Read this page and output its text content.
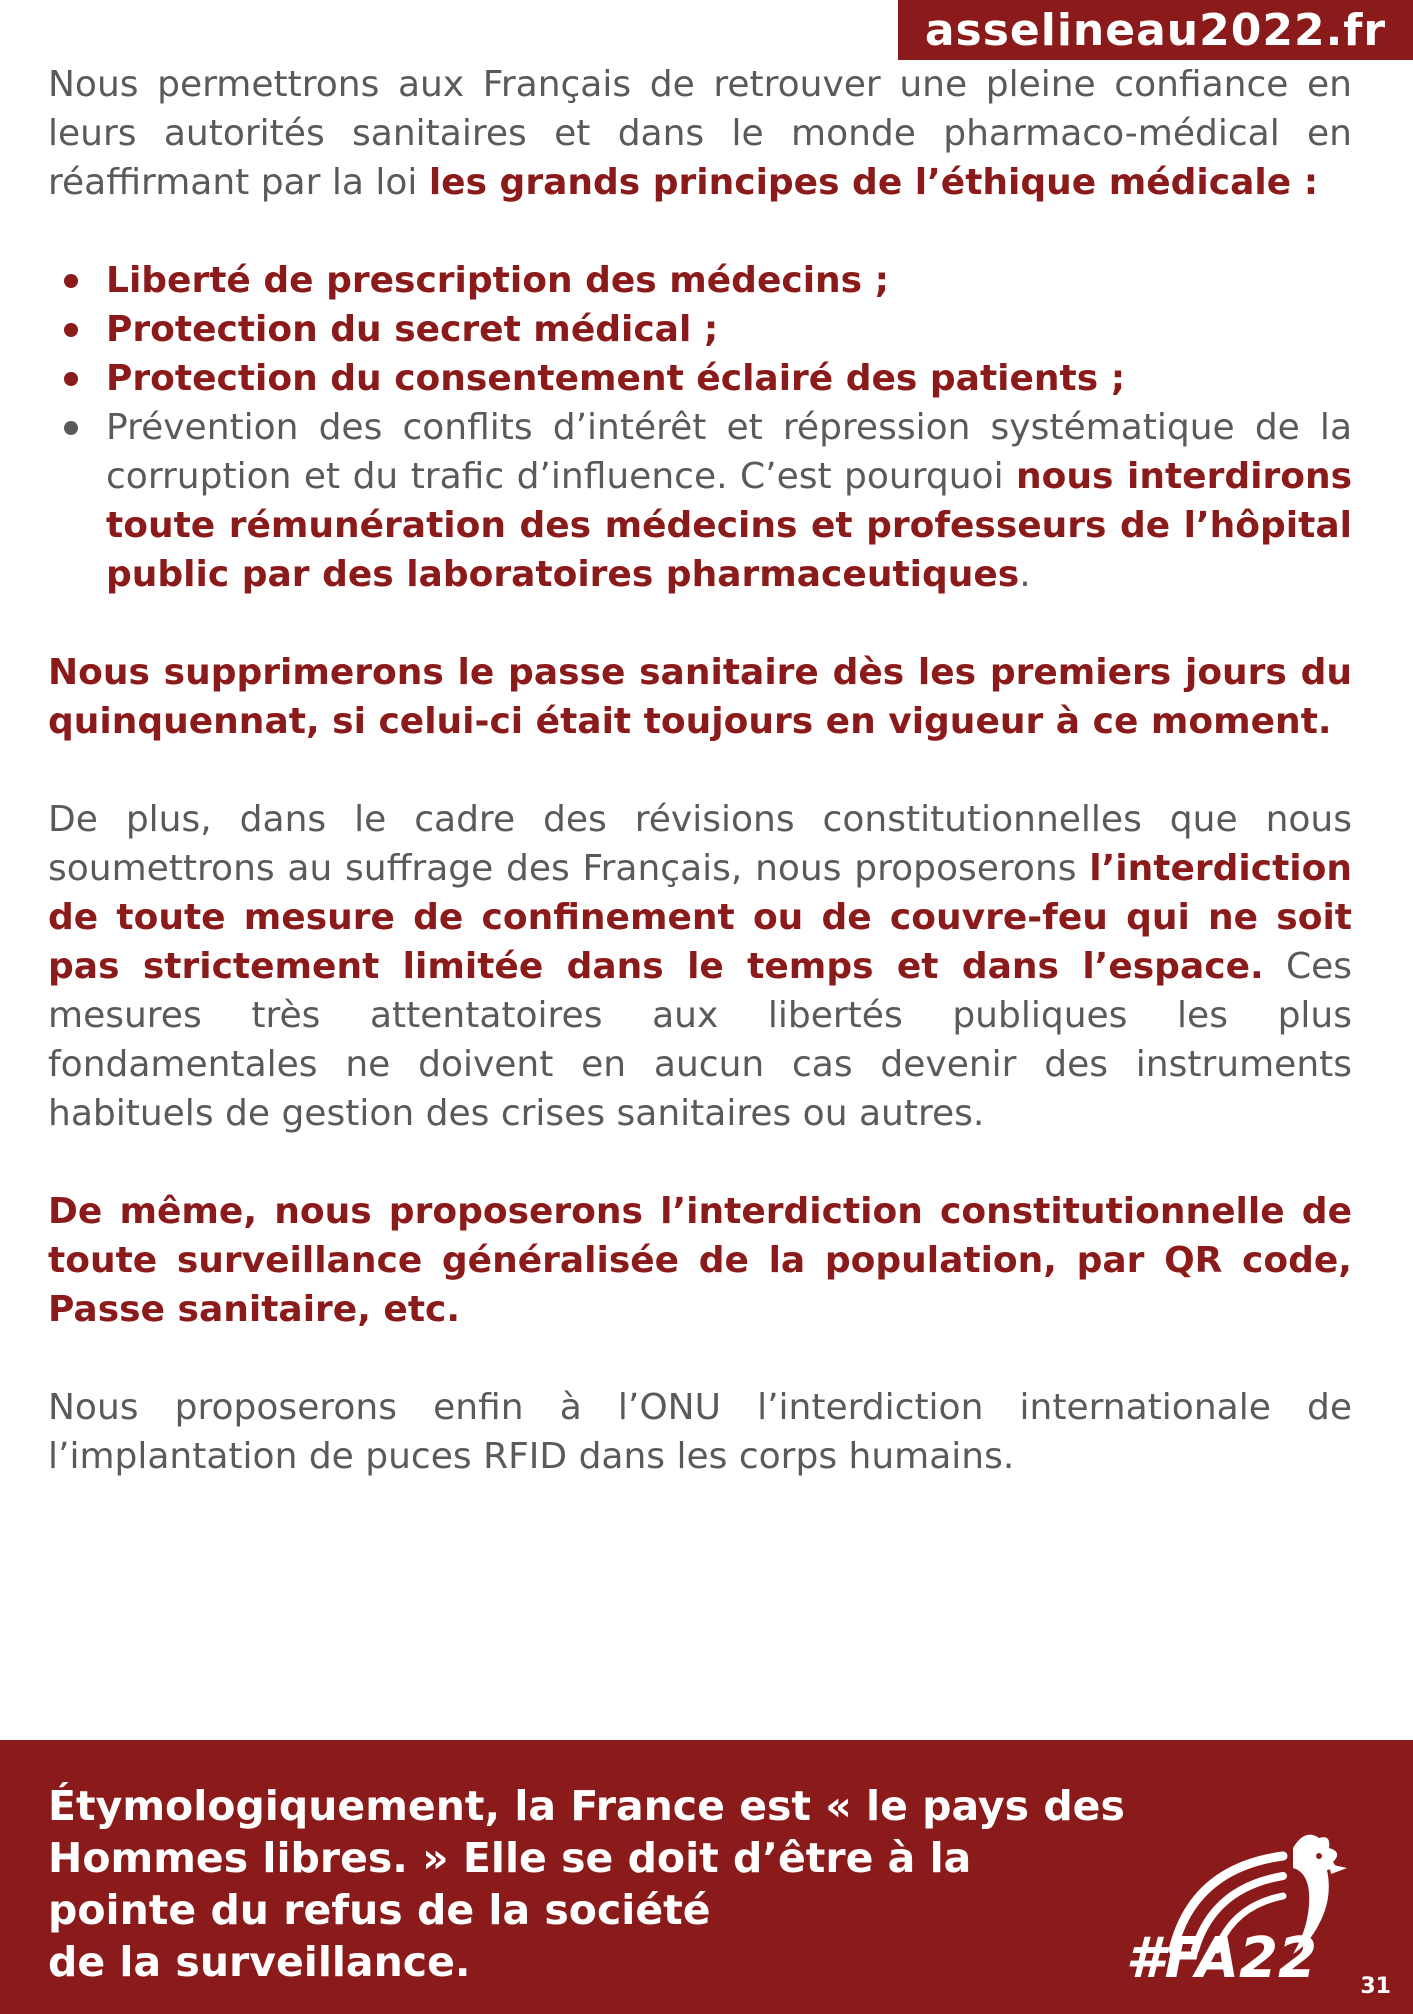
asselineau2022.fr

Nous permettrons aux Français de retrouver une pleine confiance en leurs autorités sanitaires et dans le monde pharmaco-médical en réaffirmant par la loi les grands principes de l’éthique médicale :

Liberté de prescription des médecins ;
Protection du secret médical ;
Protection du consentement éclairé des patients ;
Prévention des conflits d’intérêt et répression systématique de la corruption et du trafic d’influence. C’est pourquoi nous interdirons toute rémunération des médecins et professeurs de l’hôpital public par des laboratoires pharmaceutiques.

Nous supprimerons le passe sanitaire dès les premiers jours du quinquennat, si celui-ci était toujours en vigueur à ce moment.

De plus, dans le cadre des révisions constitutionnelles que nous soumettrons au suffrage des Français, nous proposerons l’interdiction de toute mesure de confinement ou de couvre-feu qui ne soit pas strictement limitée dans le temps et dans l’espace. Ces mesures très attentatoires aux libertés publiques les plus fondamentales ne doivent en aucun cas devenir des instruments habituels de gestion des crises sanitaires ou autres.

De même, nous proposerons l’interdiction constitutionnelle de toute surveillance généralisée de la population, par QR code, Passe sanitaire, etc.

Nous proposerons enfin à l’ONU l’interdiction internationale de l’implantation de puces RFID dans les corps humains.

Étymologiquement, la France est « le pays des
Hommes libres. » Elle se doit d’être à la
pointe du refus de la société
de la surveillance.	#FA22 31
